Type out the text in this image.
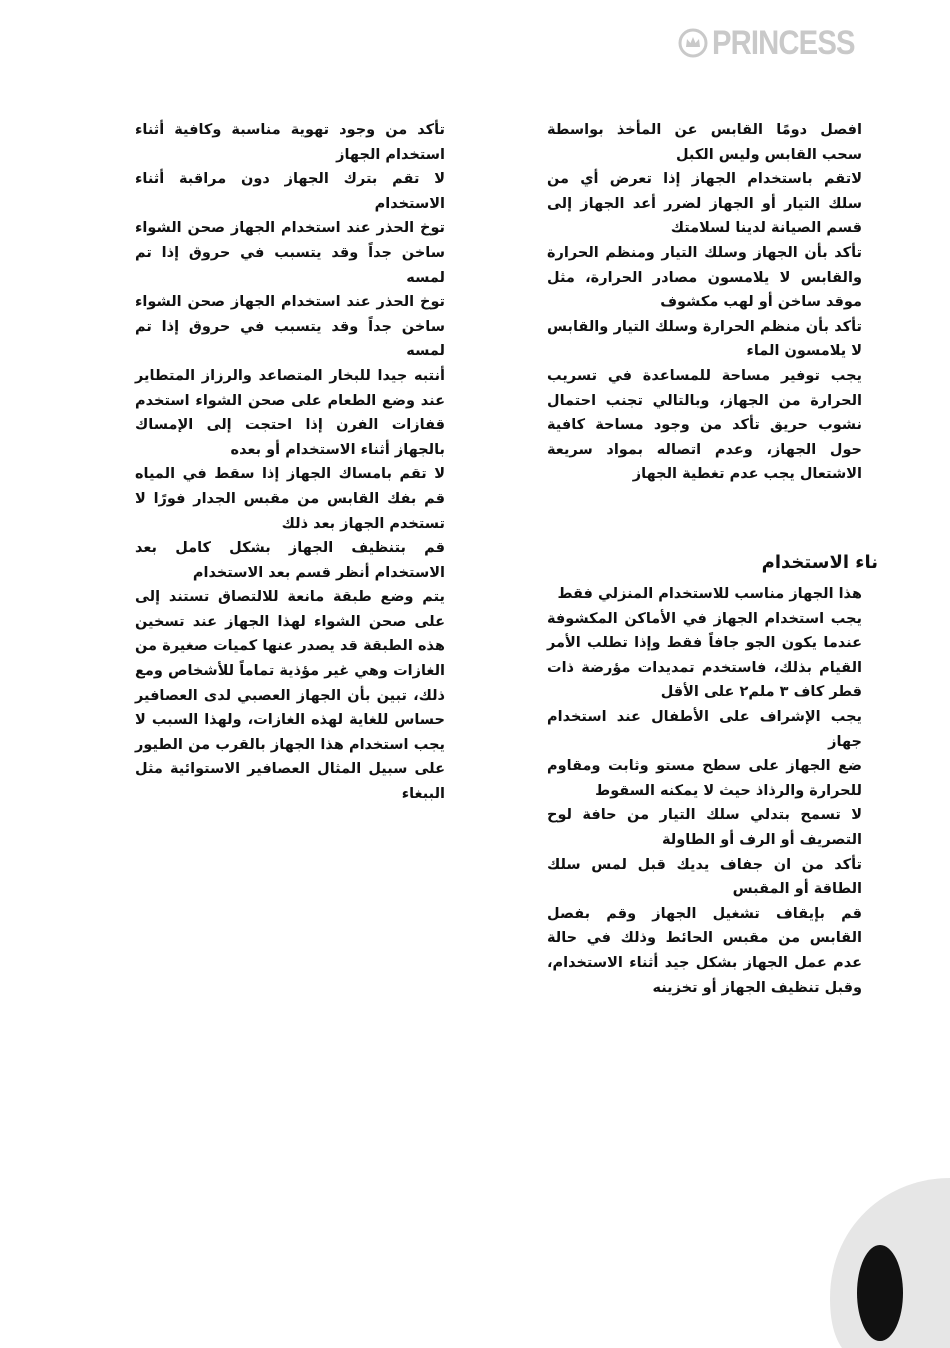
PRINCESS

افصل دومًا القابس عن المأخذ بواسطة سحب القابس وليس الكبل

لاتقم باستخدام الجهاز إذا تعرض أي من سلك التيار أو الجهاز لضرر أعد الجهاز إلى قسم الصيانة لدينا لسلامتك

تأكد بأن الجهاز وسلك التيار ومنظم الحرارة والقابس لا يلامسون مصادر الحرارة، مثل موقد ساخن أو لهب مكشوف

تأكد بأن منظم الحرارة وسلك التيار والقابس لا يلامسون الماء

يجب توفير مساحة للمساعدة في تسريب الحرارة من الجهاز، وبالتالي تجنب احتمال نشوب حريق تأكد من وجود مساحة كافية حول الجهاز، وعدم اتصاله بمواد سريعة الاشتعال يجب عدم تغطية الجهاز

ناء الاستخدام

هذا الجهاز مناسب للاستخدام المنزلي فقط

يجب استخدام الجهاز في الأماكن المكشوفة عندما يكون الجو جافاً فقط وإذا تطلب الأمر القيام بذلك، فاستخدم تمديدات مؤرضة ذات قطر كاف ٣ ملم٢ على الأقل

يجب الإشراف على الأطفال عند استخدام جهاز

ضع الجهاز على سطح مستو وثابت ومقاوم للحرارة والرذاذ حيث لا يمكنه السقوط

لا تسمح بتدلي سلك التيار من حافة لوح التصريف أو الرف أو الطاولة

تأكد من ان جفاف يديك قبل لمس سلك الطاقة أو المقبس

قم بإيقاف تشغيل الجهاز وقم بفصل القابس من مقبس الحائط وذلك في حالة عدم عمل الجهاز بشكل جيد أثناء الاستخدام، وقبل تنظيف الجهاز أو تخزينه

تأكد من وجود تهوية مناسبة وكافية أثناء استخدام الجهاز

لا تقم بترك الجهاز دون مراقبة أثناء الاستخدام

توخ الحذر عند استخدام الجهاز صحن الشواء ساخن جداً وقد يتسبب في حروق إذا تم لمسه

توخ الحذر عند استخدام الجهاز صحن الشواء ساخن جداً وقد يتسبب في حروق إذا تم لمسه

أنتبه جيدا للبخار المتصاعد والرزاز المتطاير عند وضع الطعام على صحن الشواء استخدم قفازات الفرن إذا احتجت إلى الإمساك بالجهاز أثناء الاستخدام أو بعده

لا تقم بامساك الجهاز إذا سقط في المياه قم بفك القابس من مقبس الجدار فورًا لا تستخدم الجهاز بعد ذلك

قم بتنظيف الجهاز بشكل كامل بعد الاستخدام أنظر قسم بعد الاستخدام

يتم وضع طبقة مانعة للالتصاق تستند إلى على صحن الشواء لهذا الجهاز عند تسخين هذه الطبقة قد يصدر عنها كميات صغيرة من الغازات وهي غير مؤذية تماماً للأشخاص ومع ذلك، تبين بأن الجهاز العصبي لدى العصافير حساس للغاية لهذه الغازات، ولهذا السبب لا يجب استخدام هذا الجهاز بالقرب من الطيور على سبيل المثال العصافير الاستوائية مثل الببغاء
